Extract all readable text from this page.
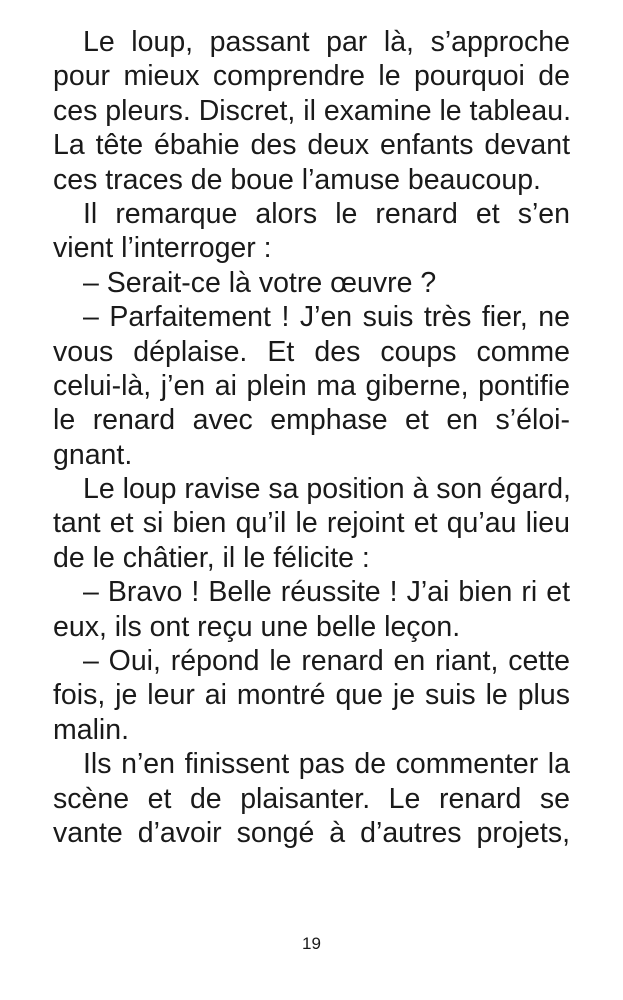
Le loup, passant par là, s’approche
pour mieux comprendre le pourquoi de
ces pleurs. Discret, il examine le tableau.
La tête ébahie des deux enfants devant
ces traces de boue l’amuse beaucoup.
Il remarque alors le renard et s’en
vient l’interroger :
– Serait-ce là votre œuvre ?
– Parfaitement ! J’en suis très fier, ne
vous déplaise. Et des coups comme
celui-là, j’en ai plein ma giberne, pontifie
le renard avec emphase et en s’éloi-
gnant.
Le loup ravise sa position à son égard,
tant et si bien qu’il le rejoint et qu’au lieu
de le châtier, il le félicite :
– Bravo ! Belle réussite ! J’ai bien ri et
eux, ils ont reçu une belle leçon.
– Oui, répond le renard en riant, cette
fois, je leur ai montré que je suis le plus
malin.
Ils n’en finissent pas de commenter la
scène et de plaisanter. Le renard se
vante d’avoir songé à d’autres projets,
19
